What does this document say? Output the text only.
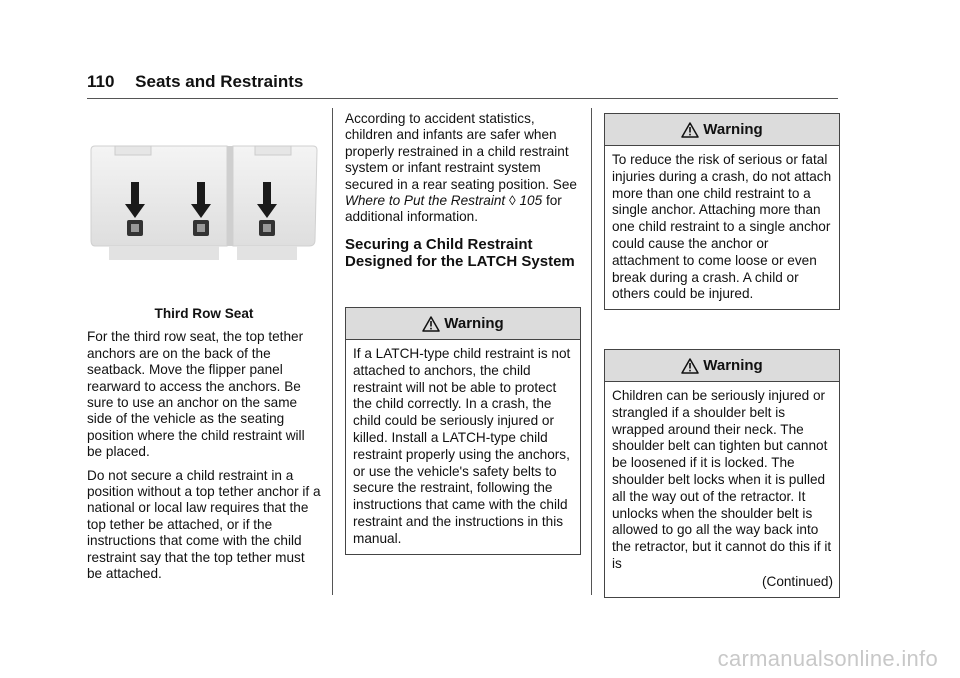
110 Seats and Restraints

Third Row Seat

For the third row seat, the top tether anchors are on the back of the seatback. Move the flipper panel rearward to access the anchors. Be sure to use an anchor on the same side of the vehicle as the seating position where the child restraint will be placed.

Do not secure a child restraint in a position without a top tether anchor if a national or local law requires that the top tether be attached, or if the instructions that come with the child restraint say that the top tether must be attached.

According to accident statistics, children and infants are safer when properly restrained in a child restraint system or infant restraint system secured in a rear seating position. See Where to Put the Restraint ◊ 105 for additional information.

Securing a Child Restraint Designed for the LATCH System
Warning
If a LATCH-type child restraint is not attached to anchors, the child restraint will not be able to protect the child correctly. In a crash, the child could be seriously injured or killed. Install a LATCH-type child restraint properly using the anchors, or use the vehicle's safety belts to secure the restraint, following the instructions that came with the child restraint and the instructions in this manual.
Warning
To reduce the risk of serious or fatal injuries during a crash, do not attach more than one child restraint to a single anchor. Attaching more than one child restraint to a single anchor could cause the anchor or attachment to come loose or even break during a crash. A child or others could be injured.
Warning
Children can be seriously injured or strangled if a shoulder belt is wrapped around their neck. The shoulder belt can tighten but cannot be loosened if it is locked. The shoulder belt locks when it is pulled all the way out of the retractor. It unlocks when the shoulder belt is allowed to go all the way back into the retractor, but it cannot do this if it is
(Continued)
carmanualsonline.info
